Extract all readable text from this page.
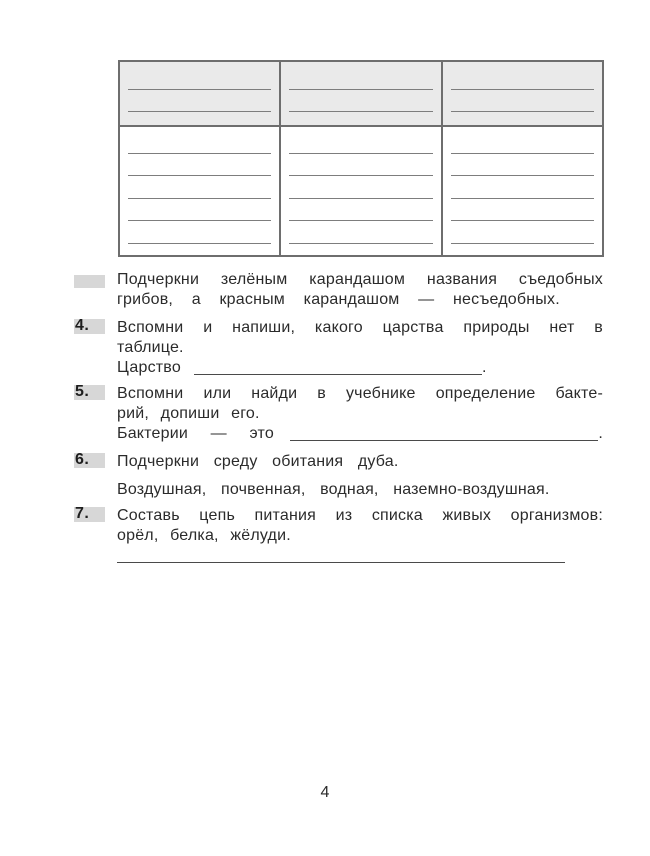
4.
5.
6.
7.
Подчеркни зелёным карандашом названия съедобных
грибов, а красным карандашом — несъедобных.
Вспомни и напиши, какого царства природы нет в
таблице.
Царство	.
Вспомни или найди в учебнике определение бакте-
рий, допиши его.
Бактерии — это	.
Подчеркни среду обитания дуба.
Воздушная, почвенная, водная, наземно-воздушная.
Составь цепь питания из списка живых организмов:
орёл, белка, жёлуди.
4
